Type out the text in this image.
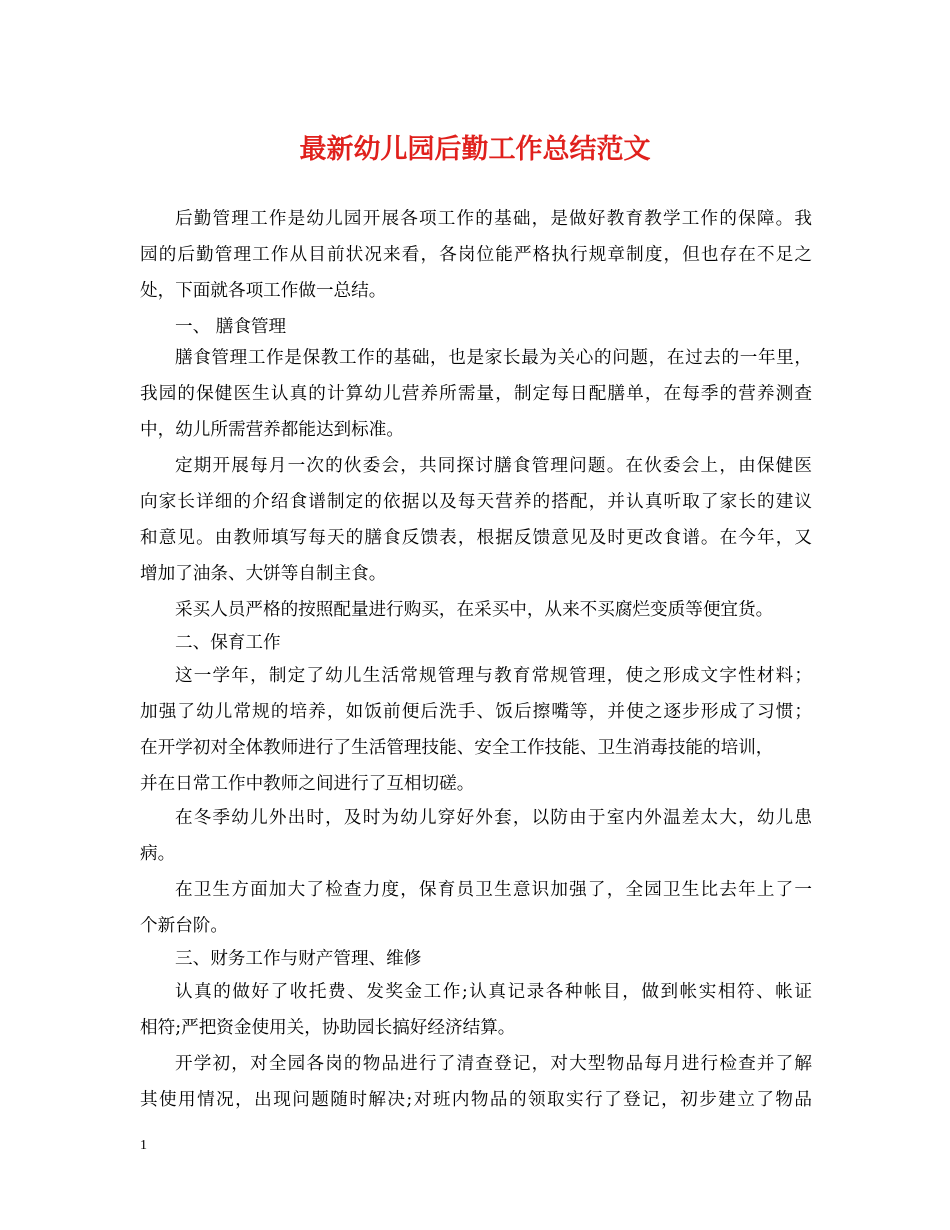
最新幼儿园后勤工作总结范文
后勤管理工作是幼儿园开展各项工作的基础，是做好教育教学工作的保障。我
园的后勤管理工作从目前状况来看，各岗位能严格执行规章制度，但也存在不足之
处，下面就各项工作做一总结。
一、 膳食管理
膳食管理工作是保教工作的基础，也是家长最为关心的问题，在过去的一年里，
我园的保健医生认真的计算幼儿营养所需量，制定每日配膳单，在每季的营养测查
中，幼儿所需营养都能达到标准。
定期开展每月一次的伙委会，共同探讨膳食管理问题。在伙委会上，由保健医
向家长详细的介绍食谱制定的依据以及每天营养的搭配，并认真听取了家长的建议
和意见。由教师填写每天的膳食反馈表，根据反馈意见及时更改食谱。在今年，又
增加了油条、大饼等自制主食。
采买人员严格的按照配量进行购买，在采买中，从来不买腐烂变质等便宜货。
二、保育工作
这一学年，制定了幼儿生活常规管理与教育常规管理，使之形成文字性材料；
加强了幼儿常规的培养，如饭前便后洗手、饭后擦嘴等，并使之逐步形成了习惯；
在开学初对全体教师进行了生活管理技能、安全工作技能、卫生消毒技能的培训，
并在日常工作中教师之间进行了互相切磋。
在冬季幼儿外出时，及时为幼儿穿好外套，以防由于室内外温差太大，幼儿患
病。
在卫生方面加大了检查力度，保育员卫生意识加强了，全园卫生比去年上了一
个新台阶。
三、财务工作与财产管理、维修
认真的做好了收托费、发奖金工作;认真记录各种帐目，做到帐实相符、帐证
相符;严把资金使用关，协助园长搞好经济结算。
开学初，对全园各岗的物品进行了清查登记，对大型物品每月进行检查并了解
其使用情况，出现问题随时解决;对班内物品的领取实行了登记，初步建立了物品
1
